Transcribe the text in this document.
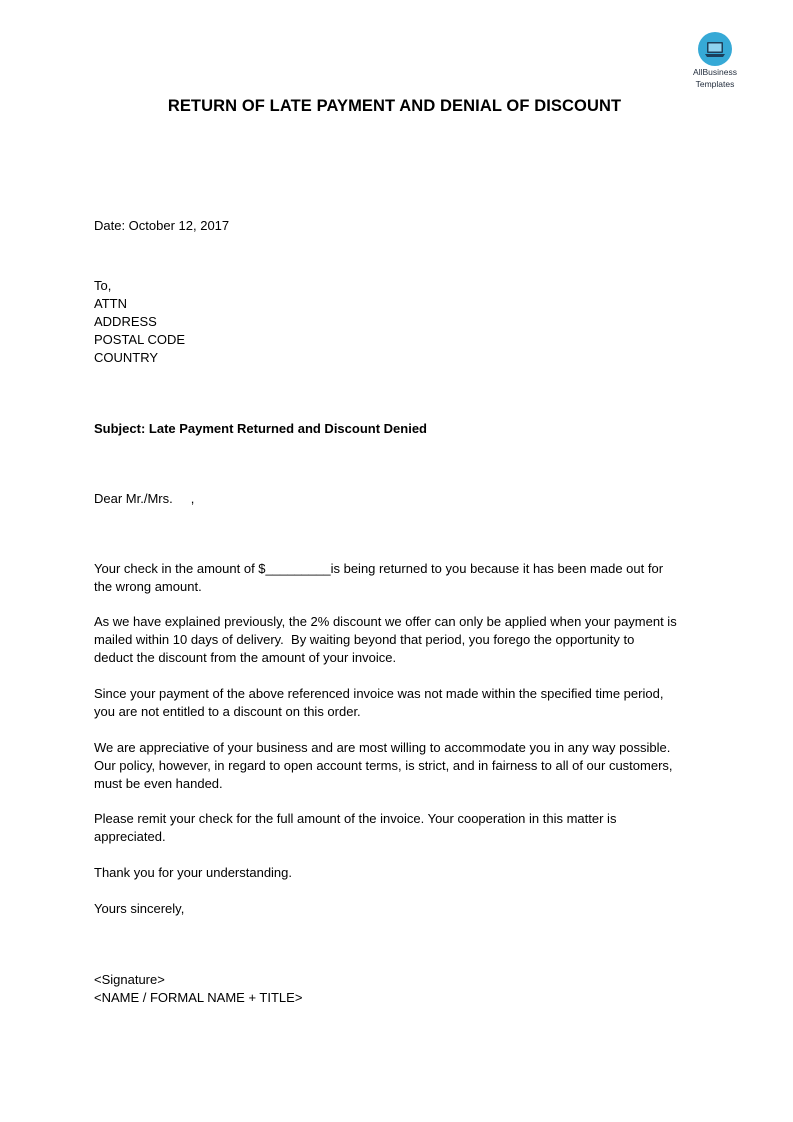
AllBusiness
Templates
RETURN OF LATE PAYMENT AND DENIAL OF DISCOUNT

Date: October 12, 2017

To,

ATTN

ADDRESS

POSTAL CODE

COUNTRY

Subject: Late Payment Returned and Discount Denied

Dear Mr./Mrs.     ,

Your check in the amount of $_________is being returned to you because it has been made out for
the wrong amount.
As we have explained previously, the 2% discount we offer can only be applied when your payment is
mailed within 10 days of delivery.  By waiting beyond that period, you forego the opportunity to
deduct the discount from the amount of your invoice.
Since your payment of the above referenced invoice was not made within the specified time period,
you are not entitled to a discount on this order.
We are appreciative of your business and are most willing to accommodate you in any way possible.
Our policy, however, in regard to open account terms, is strict, and in fairness to all of our customers,
must be even handed.
Please remit your check for the full amount of the invoice. Your cooperation in this matter is
appreciated.
Thank you for your understanding.

Yours sincerely,

<Signature>

<NAME / FORMAL NAME + TITLE>
